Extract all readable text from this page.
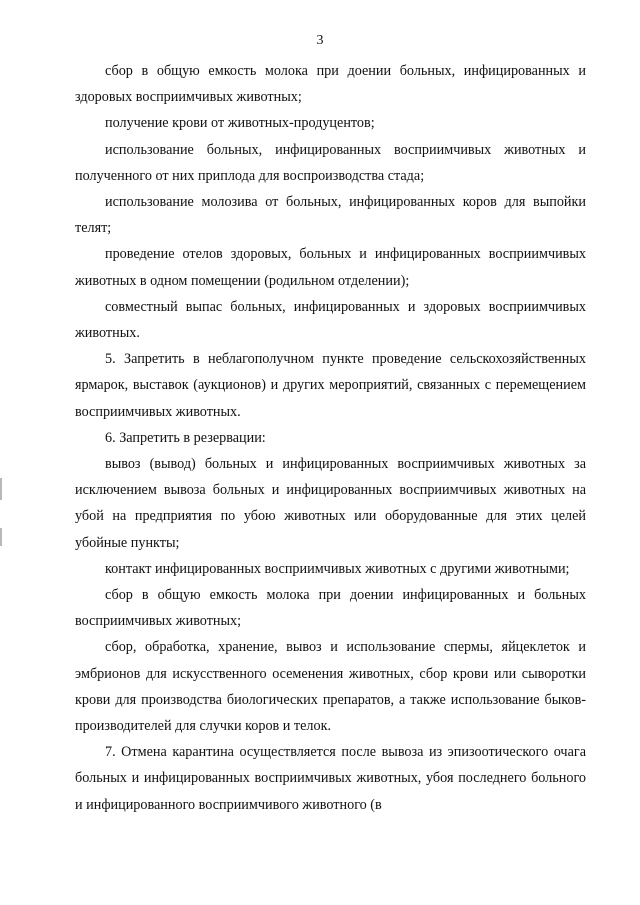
3

сбор в общую емкость молока при доении больных, инфицированных и здоровых восприимчивых животных;

получение крови от животных-продуцентов;

использование больных, инфицированных восприимчивых животных и полученного от них приплода для воспроизводства стада;

использование молозива от больных, инфицированных коров для выпойки телят;

проведение отелов здоровых, больных и инфицированных восприимчивых животных в одном помещении (родильном отделении);

совместный выпас больных, инфицированных и здоровых восприимчивых животных.

5. Запретить в неблагополучном пункте проведение сельскохозяйственных ярмарок, выставок (аукционов) и других мероприятий, связанных с перемещением восприимчивых животных.

6. Запретить в резервации:

вывоз (вывод) больных и инфицированных восприимчивых животных за исключением вывоза больных и инфицированных восприимчивых животных на убой на предприятия по убою животных или оборудованные для этих целей убойные пункты;

контакт инфицированных восприимчивых животных с другими животными;

сбор в общую емкость молока при доении инфицированных и больных восприимчивых животных;

сбор, обработка, хранение, вывоз и использование спермы, яйцеклеток и эмбрионов для искусственного осеменения животных, сбор крови или сыворотки крови для производства биологических препаратов, а также использование быков-производителей для случки коров и телок.

7. Отмена карантина осуществляется после вывоза из эпизоотического очага больных и инфицированных восприимчивых животных, убоя последнего больного и инфицированного восприимчивого животного (в
